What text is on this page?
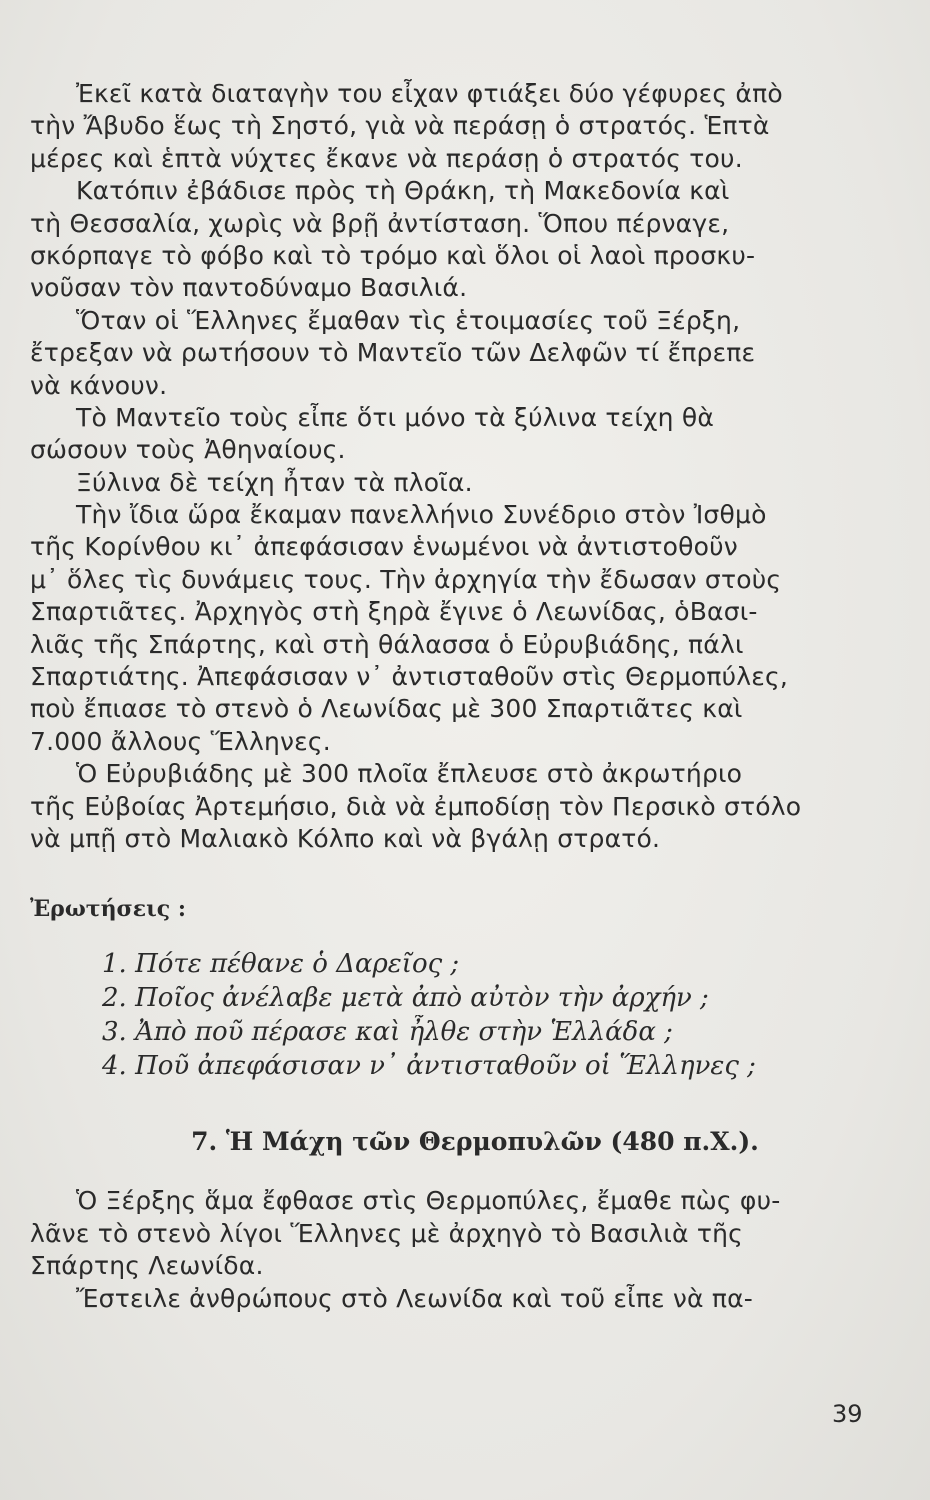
Ἐκεῖ κατὰ διαταγὴν του εἶχαν φτιάξει δύο γέφυρες ἀπὸ
τὴν Ἄβυδο ἕως τὴ Σηστό, γιὰ νὰ περάσῃ ὁ στρατός. Ἑπτὰ
μέρες καὶ ἑπτὰ νύχτες ἔκανε νὰ περάσῃ ὁ στρατός του.
Κατόπιν ἐβάδισε πρὸς τὴ Θράκη, τὴ Μακεδονία καὶ
τὴ Θεσσαλία, χωρὶς νὰ βρῇ ἀντίσταση. Ὅπου πέρναγε,
σκόρπαγε τὸ φόβο καὶ τὸ τρόμο καὶ ὅλοι οἱ λαοὶ προσκυ-
νοῦσαν τὸν παντοδύναμο Βασιλιά.
Ὅταν οἱ Ἕλληνες ἔμαθαν τὶς ἑτοιμασίες τοῦ Ξέρξη,
ἔτρεξαν νὰ ρωτήσουν τὸ Μαντεῖο τῶν Δελφῶν τί ἔπρεπε
νὰ κάνουν.
Τὸ Μαντεῖο τοὺς εἶπε ὅτι μόνο τὰ ξύλινα τείχη θὰ
σώσουν τοὺς Ἀθηναίους.
Ξύλινα δὲ τείχη ἦταν τὰ πλοῖα.
Τὴν ἴδια ὥρα ἔκαμαν πανελλήνιο Συνέδριο στὸν Ἰσθμὸ
τῆς Κορίνθου κι᾽ ἀπεφάσισαν ἑνωμένοι νὰ ἀντιστοθοῦν
μ᾽ ὅλες τὶς δυνάμεις τους. Τὴν ἀρχηγία τὴν ἔδωσαν στοὺς
Σπαρτιᾶτες. Ἀρχηγὸς στὴ ξηρὰ ἔγινε ὁ Λεωνίδας, ὁΒασι-
λιᾶς τῆς Σπάρτης, καὶ στὴ θάλασσα ὁ Εὐρυβιάδης, πάλι
Σπαρτιάτης. Ἀπεφάσισαν ν᾽ ἀντισταθοῦν στὶς Θερμοπύλες,
ποὺ ἔπιασε τὸ στενὸ ὁ Λεωνίδας μὲ 300 Σπαρτιᾶτες καὶ
7.000 ἄλλους Ἕλληνες.
Ὁ Εὐρυβιάδης μὲ 300 πλοῖα ἔπλευσε στὸ ἀκρωτήριο
τῆς Εὐβοίας Ἀρτεμήσιο, διὰ νὰ ἐμποδίσῃ τὸν Περσικὸ στόλο
νὰ μπῇ στὸ Μαλιακὸ Κόλπο καὶ νὰ βγάλῃ στρατό.
Ἐρωτήσεις :
1. Πότε πέθανε ὁ Δαρεῖος ;
2. Ποῖος ἀνέλαβε μετὰ ἀπὸ αὐτὸν τὴν ἀρχήν ;
3. Ἀπὸ ποῦ πέρασε καὶ ἦλθε στὴν Ἑλλάδα ;
4. Ποῦ ἀπεφάσισαν ν᾽ ἀντισταθοῦν οἱ Ἕλληνες ;
7. Ἡ Μάχη τῶν Θερμοπυλῶν (480 π.Χ.).
Ὁ Ξέρξης ἅμα ἔφθασε στὶς Θερμοπύλες, ἔμαθε πὼς φυ-
λᾶνε τὸ στενὸ λίγοι Ἕλληνες μὲ ἀρχηγὸ τὸ Βασιλιὰ τῆς
Σπάρτης Λεωνίδα.
Ἔστειλε ἀνθρώπους στὸ Λεωνίδα καὶ τοῦ εἶπε νὰ πα-
39
